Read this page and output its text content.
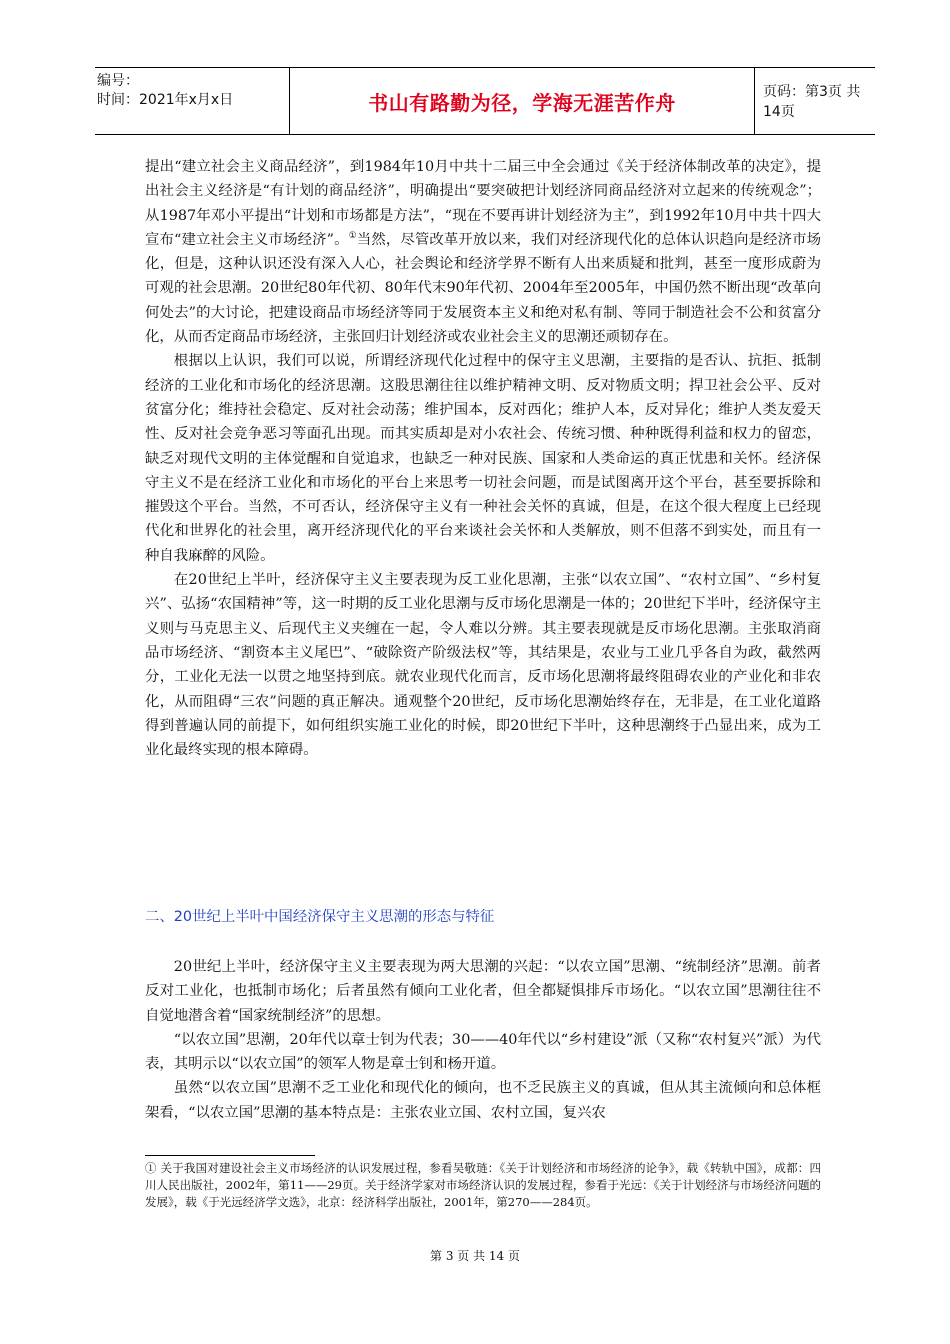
编号：
时间：2021年x月x日	书山有路勤为径，学海无涯苦作舟	页码：第3页 共14页

提出“建立社会主义商品经济”，到1984年10月中共十二届三中全会通过《关于经济体制改革的决定》，提出社会主义经济是“有计划的商品经济”，明确提出“要突破把计划经济同商品经济对立起来的传统观念”；从1987年邓小平提出“计划和市场都是方法”，“现在不要再讲计划经济为主”，到1992年10月中共十四大宣布“建立社会主义市场经济”。①当然，尽管改革开放以来，我们对经济现代化的总体认识趋向是经济市场化，但是，这种认识还没有深入人心，社会舆论和经济学界不断有人出来质疑和批判，甚至一度形成蔚为可观的社会思潮。20世纪80年代初、80年代末90年代初、2004年至2005年，中国仍然不断出现“改革向何处去”的大讨论，把建设商品市场经济等同于发展资本主义和绝对私有制、等同于制造社会不公和贫富分化，从而否定商品市场经济，主张回归计划经济或农业社会主义的思潮还顽韧存在。

根据以上认识，我们可以说，所谓经济现代化过程中的保守主义思潮，主要指的是否认、抗拒、抵制经济的工业化和市场化的经济思潮。这股思潮往往以维护精神文明、反对物质文明；捍卫社会公平、反对贫富分化；维持社会稳定、反对社会动荡；维护国本，反对西化；维护人本，反对异化；维护人类友爱天性、反对社会竞争恶习等面孔出现。而其实质却是对小农社会、传统习惯、种种既得利益和权力的留恋，缺乏对现代文明的主体觉醒和自觉追求，也缺乏一种对民族、国家和人类命运的真正忧患和关怀。经济保守主义不是在经济工业化和市场化的平台上来思考一切社会问题，而是试图离开这个平台，甚至要拆除和摧毁这个平台。当然，不可否认，经济保守主义有一种社会关怀的真诚，但是，在这个很大程度上已经现代化和世界化的社会里，离开经济现代化的平台来谈社会关怀和人类解放，则不但落不到实处，而且有一种自我麻醉的风险。

在20世纪上半叶，经济保守主义主要表现为反工业化思潮，主张“以农立国”、“农村立国”、“乡村复兴”、弘扬“农国精神”等，这一时期的反工业化思潮与反市场化思潮是一体的；20世纪下半叶，经济保守主义则与马克思主义、后现代主义夹缠在一起，令人难以分辨。其主要表现就是反市场化思潮。主张取消商品市场经济、“割资本主义尾巴”、“破除资产阶级法权”等，其结果是，农业与工业几乎各自为政，截然两分，工业化无法一以贯之地坚持到底。就农业现代化而言，反市场化思潮将最终阻碍农业的产业化和非农化，从而阻碍“三农”问题的真正解决。通观整个20世纪，反市场化思潮始终存在，无非是，在工业化道路得到普遍认同的前提下，如何组织实施工业化的时候，即20世纪下半叶，这种思潮终于凸显出来，成为工业化最终实现的根本障碍。

二、20世纪上半叶中国经济保守主义思潮的形态与特征

20世纪上半叶，经济保守主义主要表现为两大思潮的兴起：“以农立国”思潮、“统制经济”思潮。前者反对工业化，也抵制市场化；后者虽然有倾向工业化者，但全都疑惧排斥市场化。“以农立国”思潮往往不自觉地潜含着“国家统制经济”的思想。

“以农立国”思潮，20年代以章士钊为代表；30——40年代以“乡村建设”派（又称“农村复兴”派）为代表，其明示以“以农立国”的领军人物是章士钊和杨开道。

虽然“以农立国”思潮不乏工业化和现代化的倾向，也不乏民族主义的真诚，但从其主流倾向和总体框架看，“以农立国”思潮的基本特点是：主张农业立国、农村立国，复兴农

① 关于我国对建设社会主义市场经济的认识发展过程，参看吴敬琏：《关于计划经济和市场经济的论争》，载《转轨中国》，成都：四川人民出版社，2002年，第11——29页。关于经济学家对市场经济认识的发展过程，参看于光远：《关于计划经济与市场经济问题的发展》，载《于光远经济学文选》，北京：经济科学出版社，2001年，第270——284页。
第 3 页 共 14 页
